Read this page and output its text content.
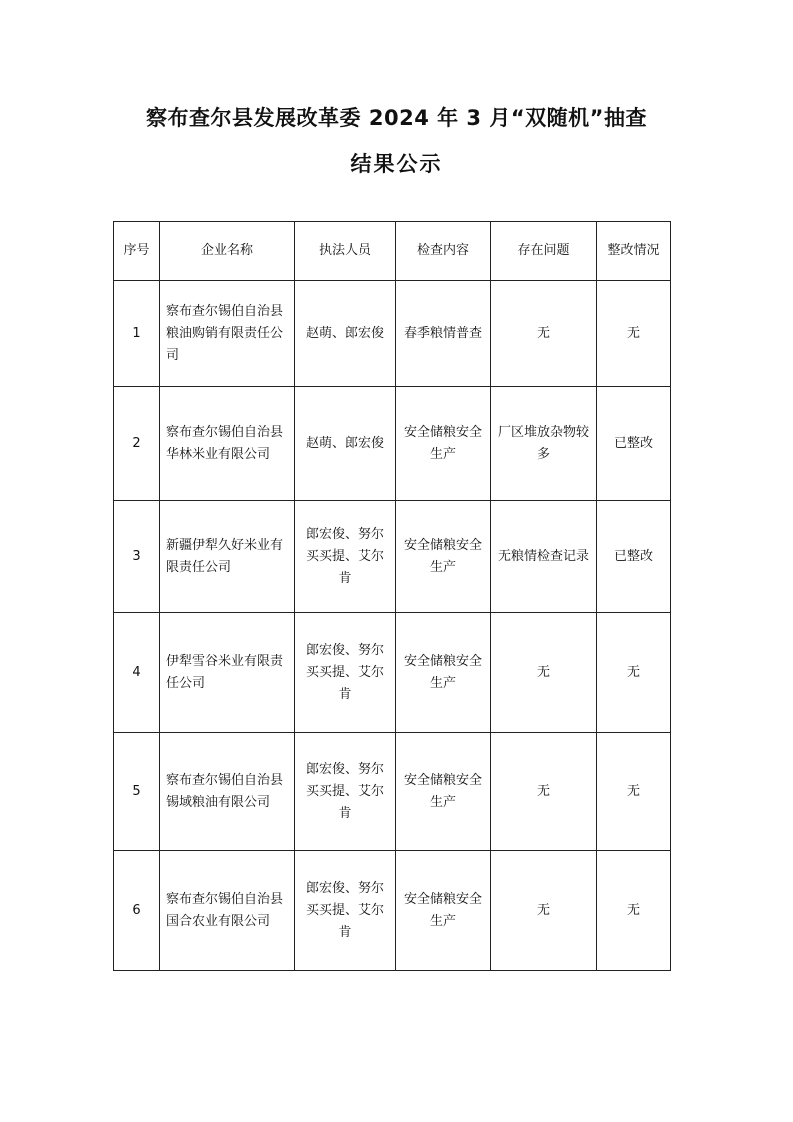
察布查尔县发展改革委 2024 年 3 月“双随机”抽查
结果公示
序号	企业名称	执法人员	检查内容	存在问题	整改情况
1	察布查尔锡伯自治县粮油购销有限责任公司	赵萌、郎宏俊	春季粮情普查	无	无
2	察布查尔锡伯自治县华林米业有限公司	赵萌、郎宏俊	安全储粮安全生产	厂区堆放杂物较多	已整改
3	新疆伊犁久好米业有限责任公司	郎宏俊、努尔买买提、艾尔肯	安全储粮安全生产	无粮情检查记录	已整改
4	伊犁雪谷米业有限责任公司	郎宏俊、努尔买买提、艾尔肯	安全储粮安全生产	无	无
5	察布查尔锡伯自治县锡域粮油有限公司	郎宏俊、努尔买买提、艾尔肯	安全储粮安全生产	无	无
6	察布查尔锡伯自治县国合农业有限公司	郎宏俊、努尔买买提、艾尔肯	安全储粮安全生产	无	无
